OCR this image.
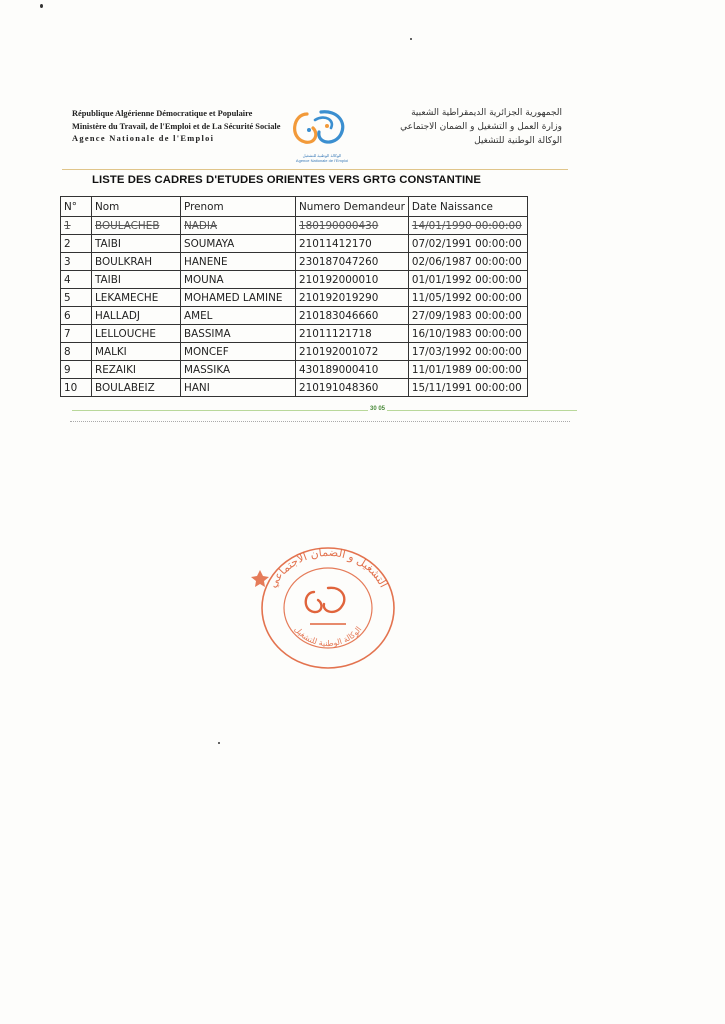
République Algérienne Démocratique et Populaire
Ministère du Travail, de l'Emploi et de La Sécurité Sociale
Agence Nationale de l'Emploi
الوكالة الوطنية للتشغيل
Agence Nationale de l'Emploi
الجمهورية الجزائرية الديمقراطية الشعبية
وزارة العمل و التشغيل و الضمان الاجتماعي
الوكالة الوطنية للتشغيل
LISTE DES CADRES D'ETUDES ORIENTES VERS GRTG CONSTANTINE
N°	Nom	Prenom	Numero Demandeur	Date Naissance
1	BOULACHEB	NADIA	180190000430	14/01/1990 00:00:00
2	TAIBI	SOUMAYA	21011412170	07/02/1991 00:00:00
3	BOULKRAH	HANENE	230187047260	02/06/1987 00:00:00
4	TAIBI	MOUNA	210192000010	01/01/1992 00:00:00
5	LEKAMECHE	MOHAMED LAMINE	210192019290	11/05/1992 00:00:00
6	HALLADJ	AMEL	210183046660	27/09/1983 00:00:00
7	LELLOUCHE	BASSIMA	21011121718	16/10/1983 00:00:00
8	MALKI	MONCEF	210192001072	17/03/1992 00:00:00
9	REZAIKI	MASSIKA	430189000410	11/01/1989 00:00:00
10	BOULABEIZ	HANI	210191048360	15/11/1991 00:00:00
30 05
التشغيل و الضمان الاجتماعي
الوكالة الوطنية للتشغيل
